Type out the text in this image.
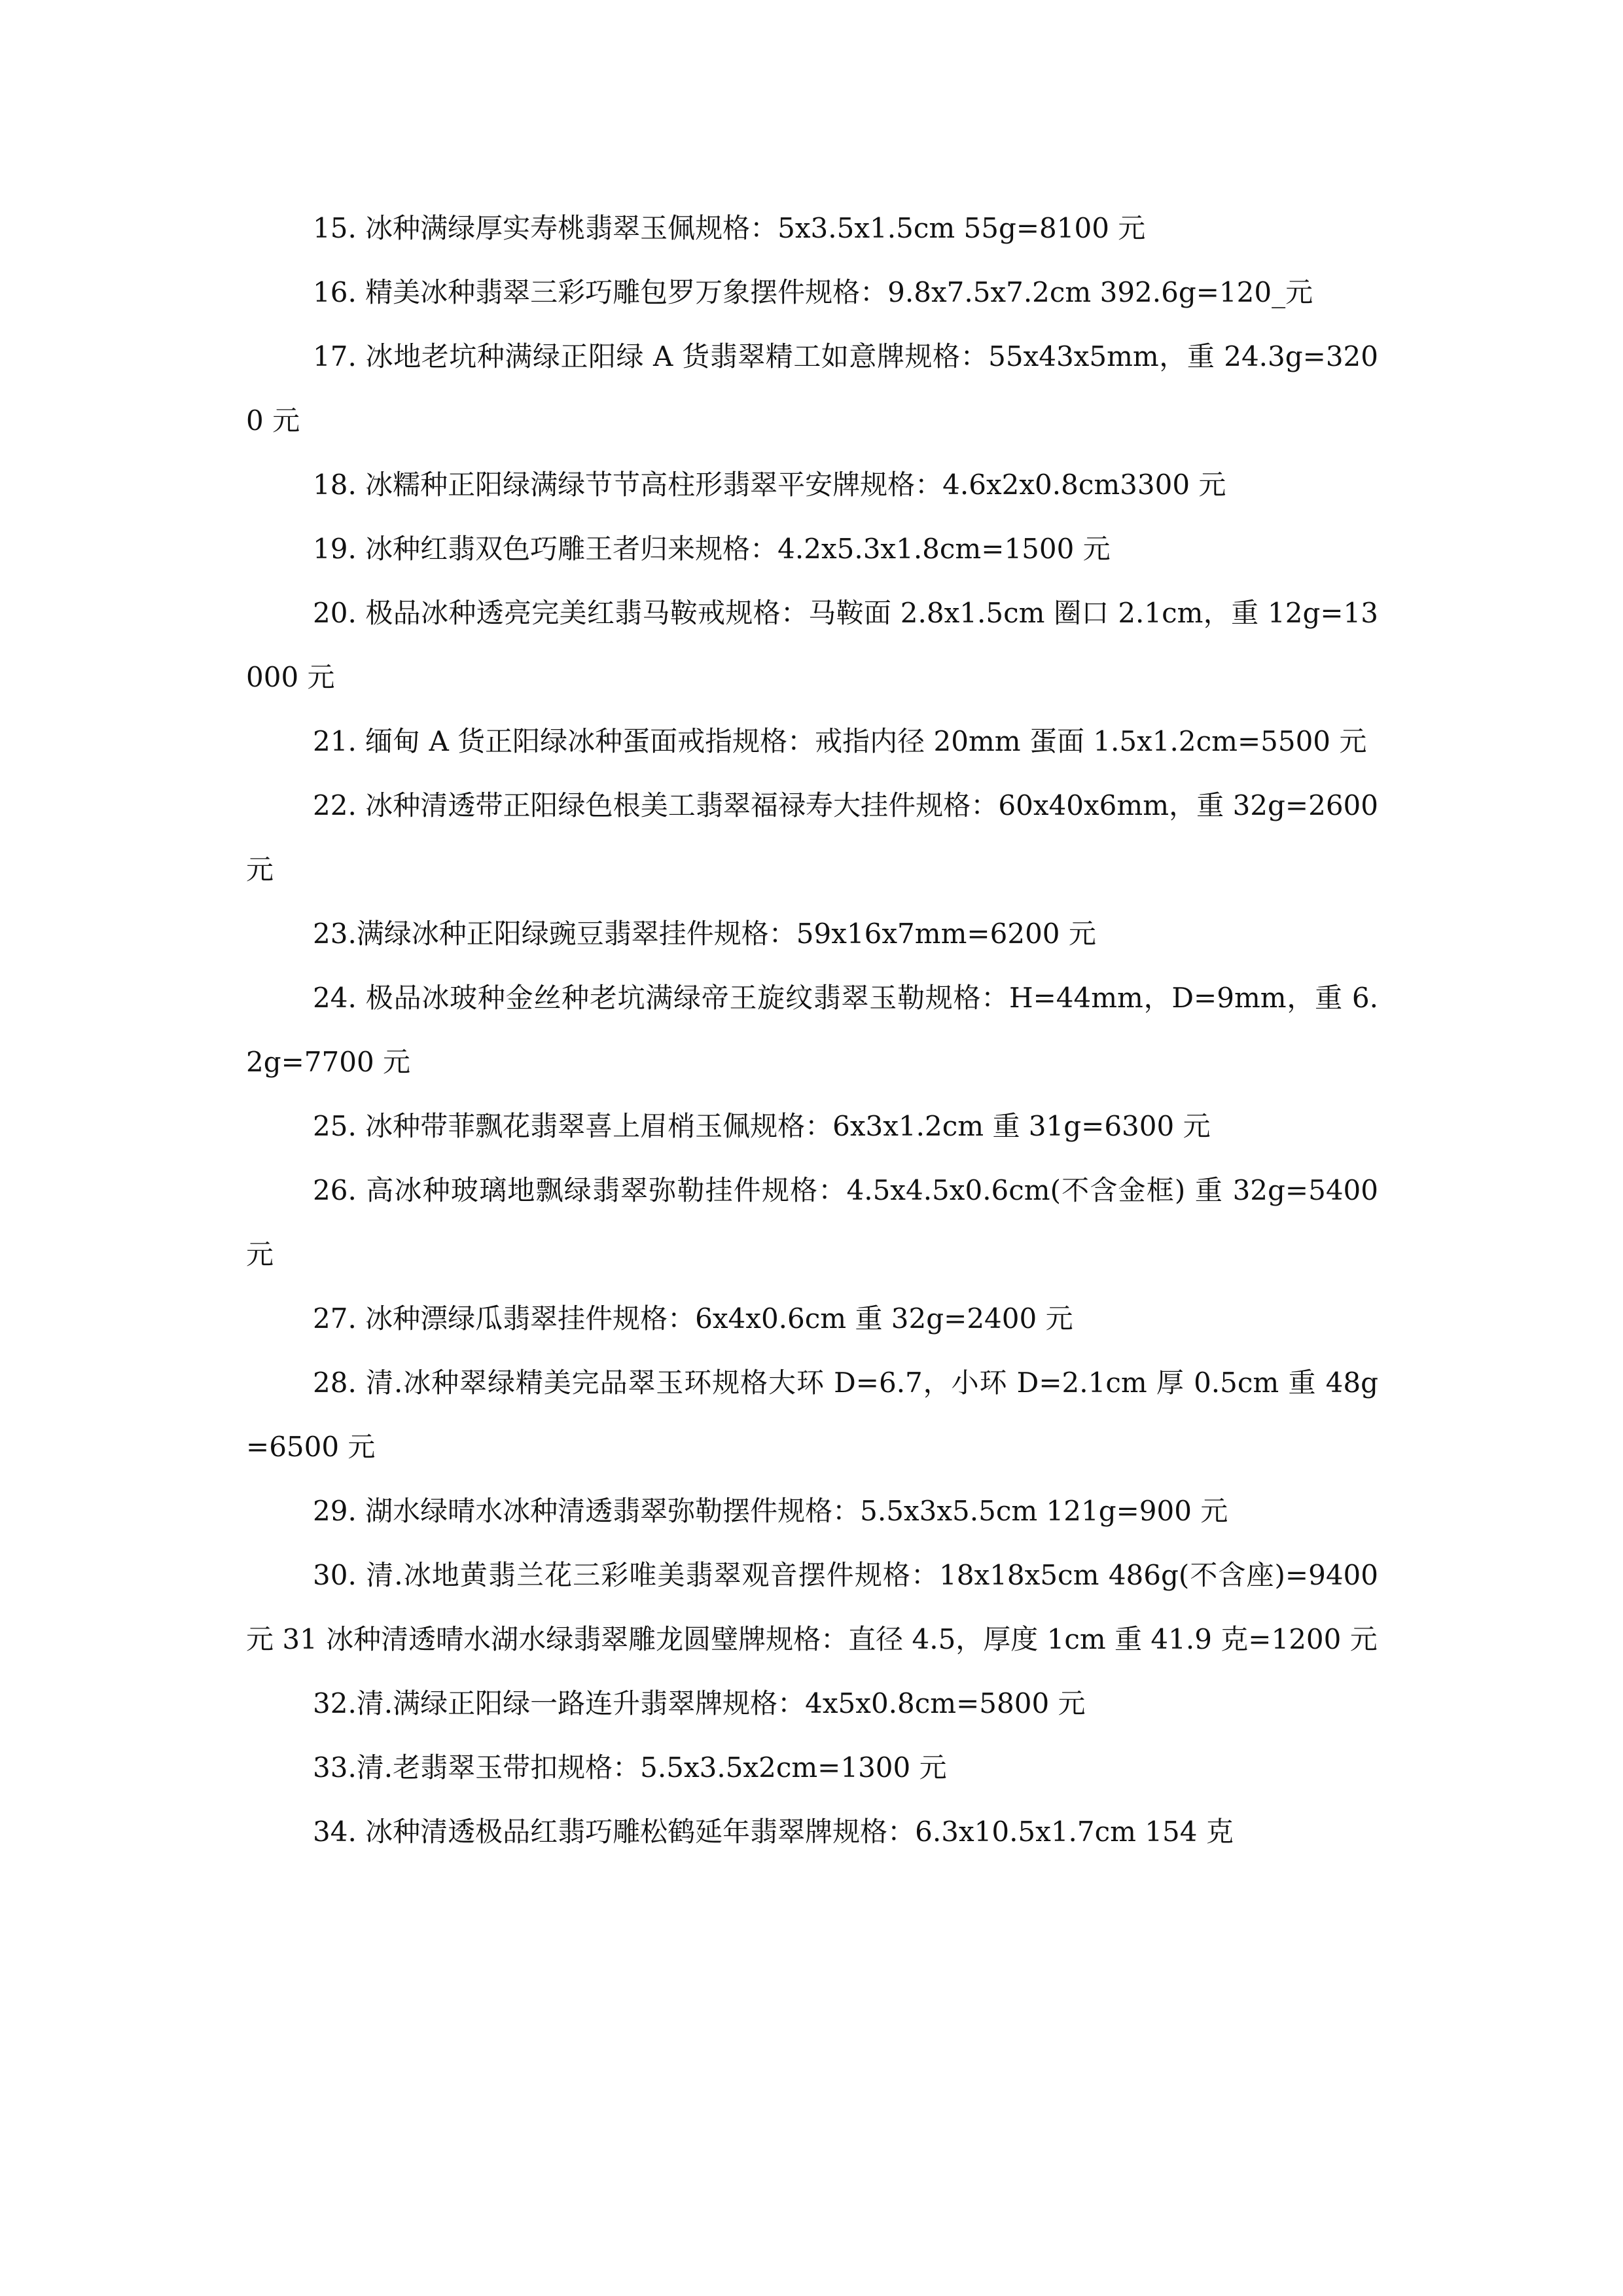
15. 冰种满绿厚实寿桃翡翠玉佩规格：5x3.5x1.5cm 55g=8100 元

16. 精美冰种翡翠三彩巧雕包罗万象摆件规格：9.8x7.5x7.2cm 392.6g=120_元

17. 冰地老坑种满绿正阳绿 A 货翡翠精工如意牌规格：55x43x5mm，重 24.3g=3200 元

18. 冰糯种正阳绿满绿节节高柱形翡翠平安牌规格：4.6x2x0.8cm3300 元

19. 冰种红翡双色巧雕王者归来规格：4.2x5.3x1.8cm=1500 元

20. 极品冰种透亮完美红翡马鞍戒规格：马鞍面 2.8x1.5cm 圈口 2.1cm，重 12g=13000 元

21. 缅甸 A 货正阳绿冰种蛋面戒指规格：戒指内径 20mm 蛋面 1.5x1.2cm=5500 元

22. 冰种清透带正阳绿色根美工翡翠福禄寿大挂件规格：60x40x6mm，重 32g=2600 元

23.满绿冰种正阳绿豌豆翡翠挂件规格：59x16x7mm=6200 元

24. 极品冰玻种金丝种老坑满绿帝王旋纹翡翠玉勒规格：H=44mm，D=9mm，重 6.2g=7700 元

25. 冰种带菲飘花翡翠喜上眉梢玉佩规格：6x3x1.2cm 重 31g=6300 元

26. 高冰种玻璃地飘绿翡翠弥勒挂件规格：4.5x4.5x0.6cm(不含金框) 重 32g=5400 元

27. 冰种漂绿瓜翡翠挂件规格：6x4x0.6cm 重 32g=2400 元

28. 清.冰种翠绿精美完品翠玉环规格大环 D=6.7，小环 D=2.1cm 厚 0.5cm 重 48g=6500 元

29. 湖水绿晴水冰种清透翡翠弥勒摆件规格：5.5x3x5.5cm 121g=900 元

30. 清.冰地黄翡兰花三彩唯美翡翠观音摆件规格：18x18x5cm 486g(不含座)=9400 元 31 冰种清透晴水湖水绿翡翠雕龙圆璧牌规格：直径 4.5，厚度 1cm 重 41.9 克=1200 元

32.清.满绿正阳绿一路连升翡翠牌规格：4x5x0.8cm=5800 元

33.清.老翡翠玉带扣规格：5.5x3.5x2cm=1300 元

34. 冰种清透极品红翡巧雕松鹤延年翡翠牌规格：6.3x10.5x1.7cm 154 克
